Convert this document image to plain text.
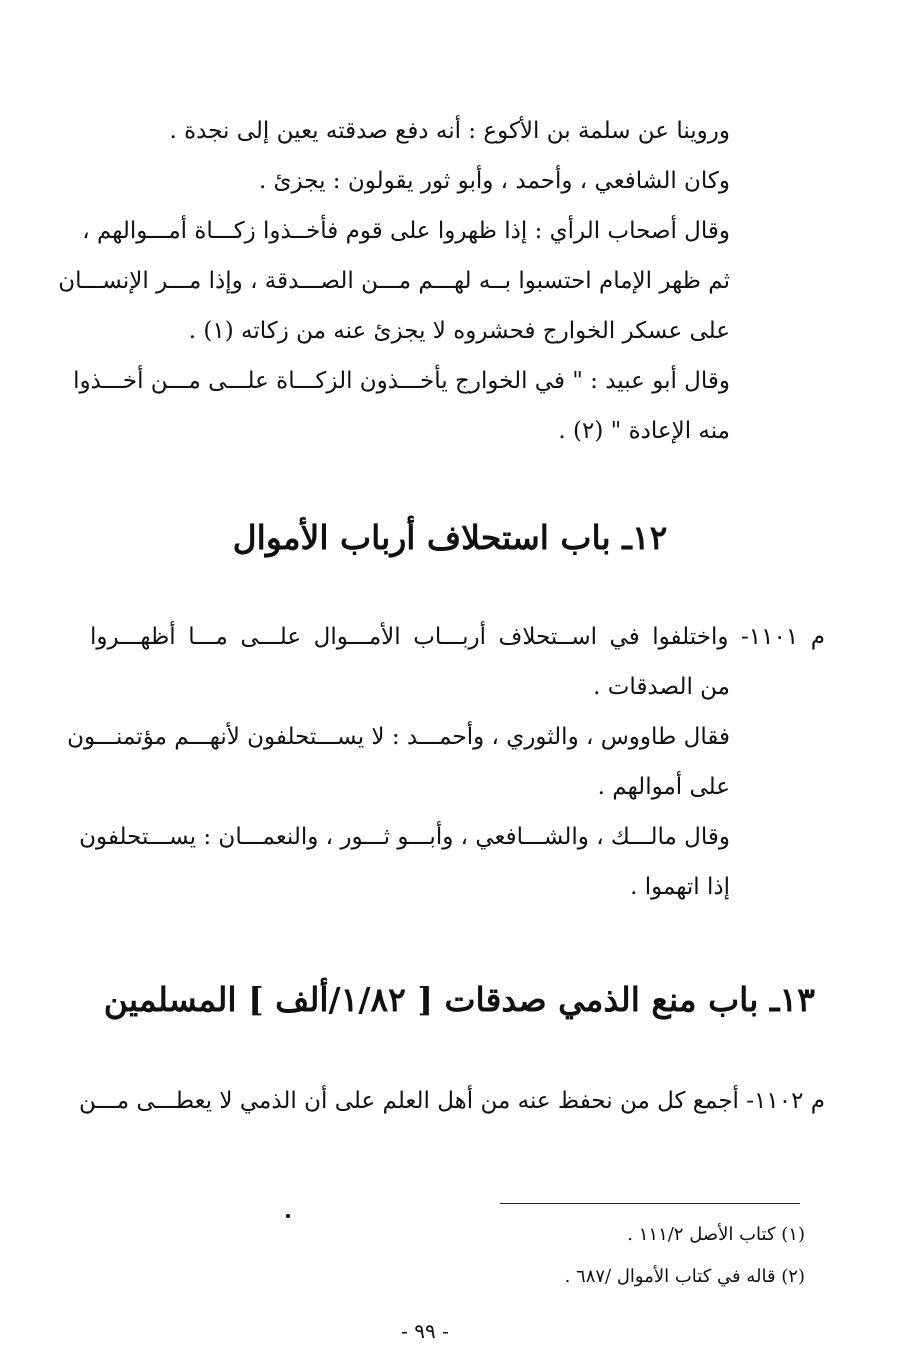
وروينا عن سلمة بن الأكوع : أنه دفع صدقته يعين إلى نجدة .
وكان الشافعي ، وأحمد ، وأبو ثور يقولون : يجزئ .
وقال أصحاب الرأي : إذا ظهروا على قوم فأخــذوا زكـــاة أمـــوالهم ،
ثم ظهر الإمام احتسبوا بــه لهـــم مـــن الصـــدقة ، وإذا مـــر الإنســـان
على عسكر الخوارج فحشروه لا يجزئ عنه من زكاته (١) .
وقال أبو عبيد : " في الخوارج يأخـــذون الزكـــاة علـــى مـــن أخـــذوا
منه الإعادة " (٢) .
١٢ـ باب استحلاف أرباب الأموال
م ١١٠١- واختلفوا في اســتحلاف أربـــاب الأمـــوال علـــى مـــا أظهـــروا
من الصدقات .
فقال طاووس ، والثوري ، وأحمـــد : لا يســـتحلفون لأنهـــم مؤتمنـــون
على أموالهم .
وقال مالـــك ، والشـــافعي ، وأبـــو ثـــور ، والنعمـــان : يســـتحلفون
إذا اتهموا .
١٣ـ باب منع الذمي صدقات [ ١/٨٢/ألف ] المسلمين
م ١١٠٢- أجمع كل من نحفظ عنه من أهل العلم على أن الذمي لا يعطـــى مـــن
(١) كتاب الأصل ١١١/٢ .
(٢) قاله في كتاب الأموال /٦٨٧ .
- ٩٩ -
